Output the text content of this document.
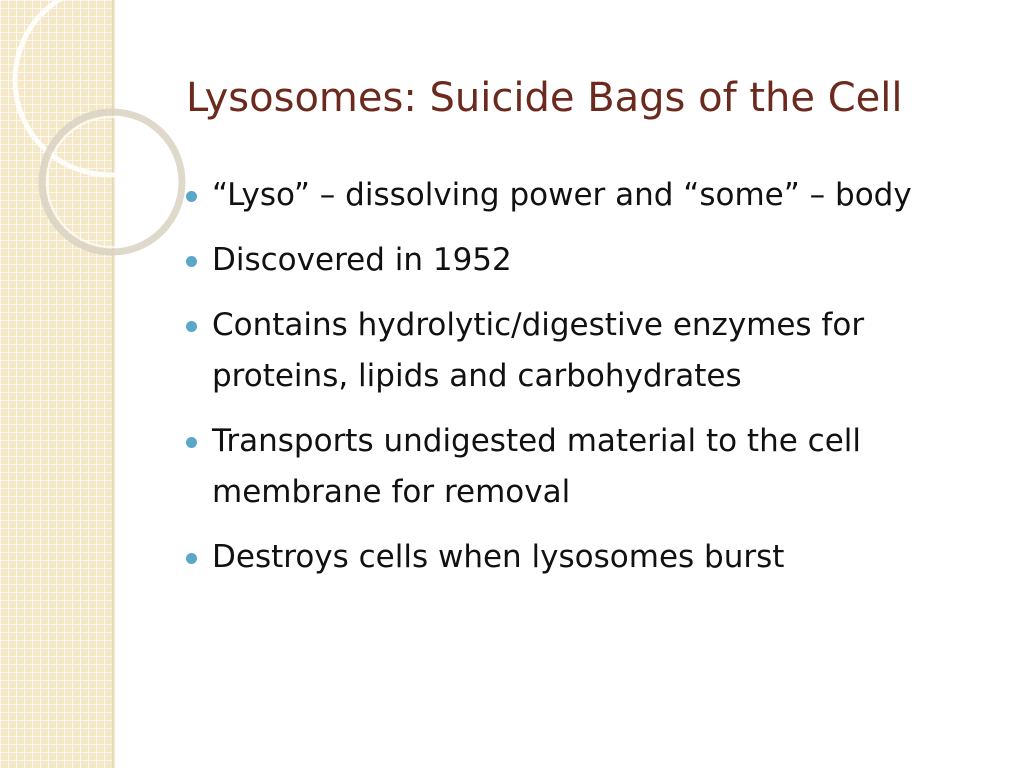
Lysosomes: Suicide Bags of the Cell
“Lyso” – dissolving power and “some” – body
Discovered in 1952
Contains hydrolytic/digestive enzymes for proteins, lipids and carbohydrates
Transports undigested material to the cell membrane for removal
Destroys cells when lysosomes burst
